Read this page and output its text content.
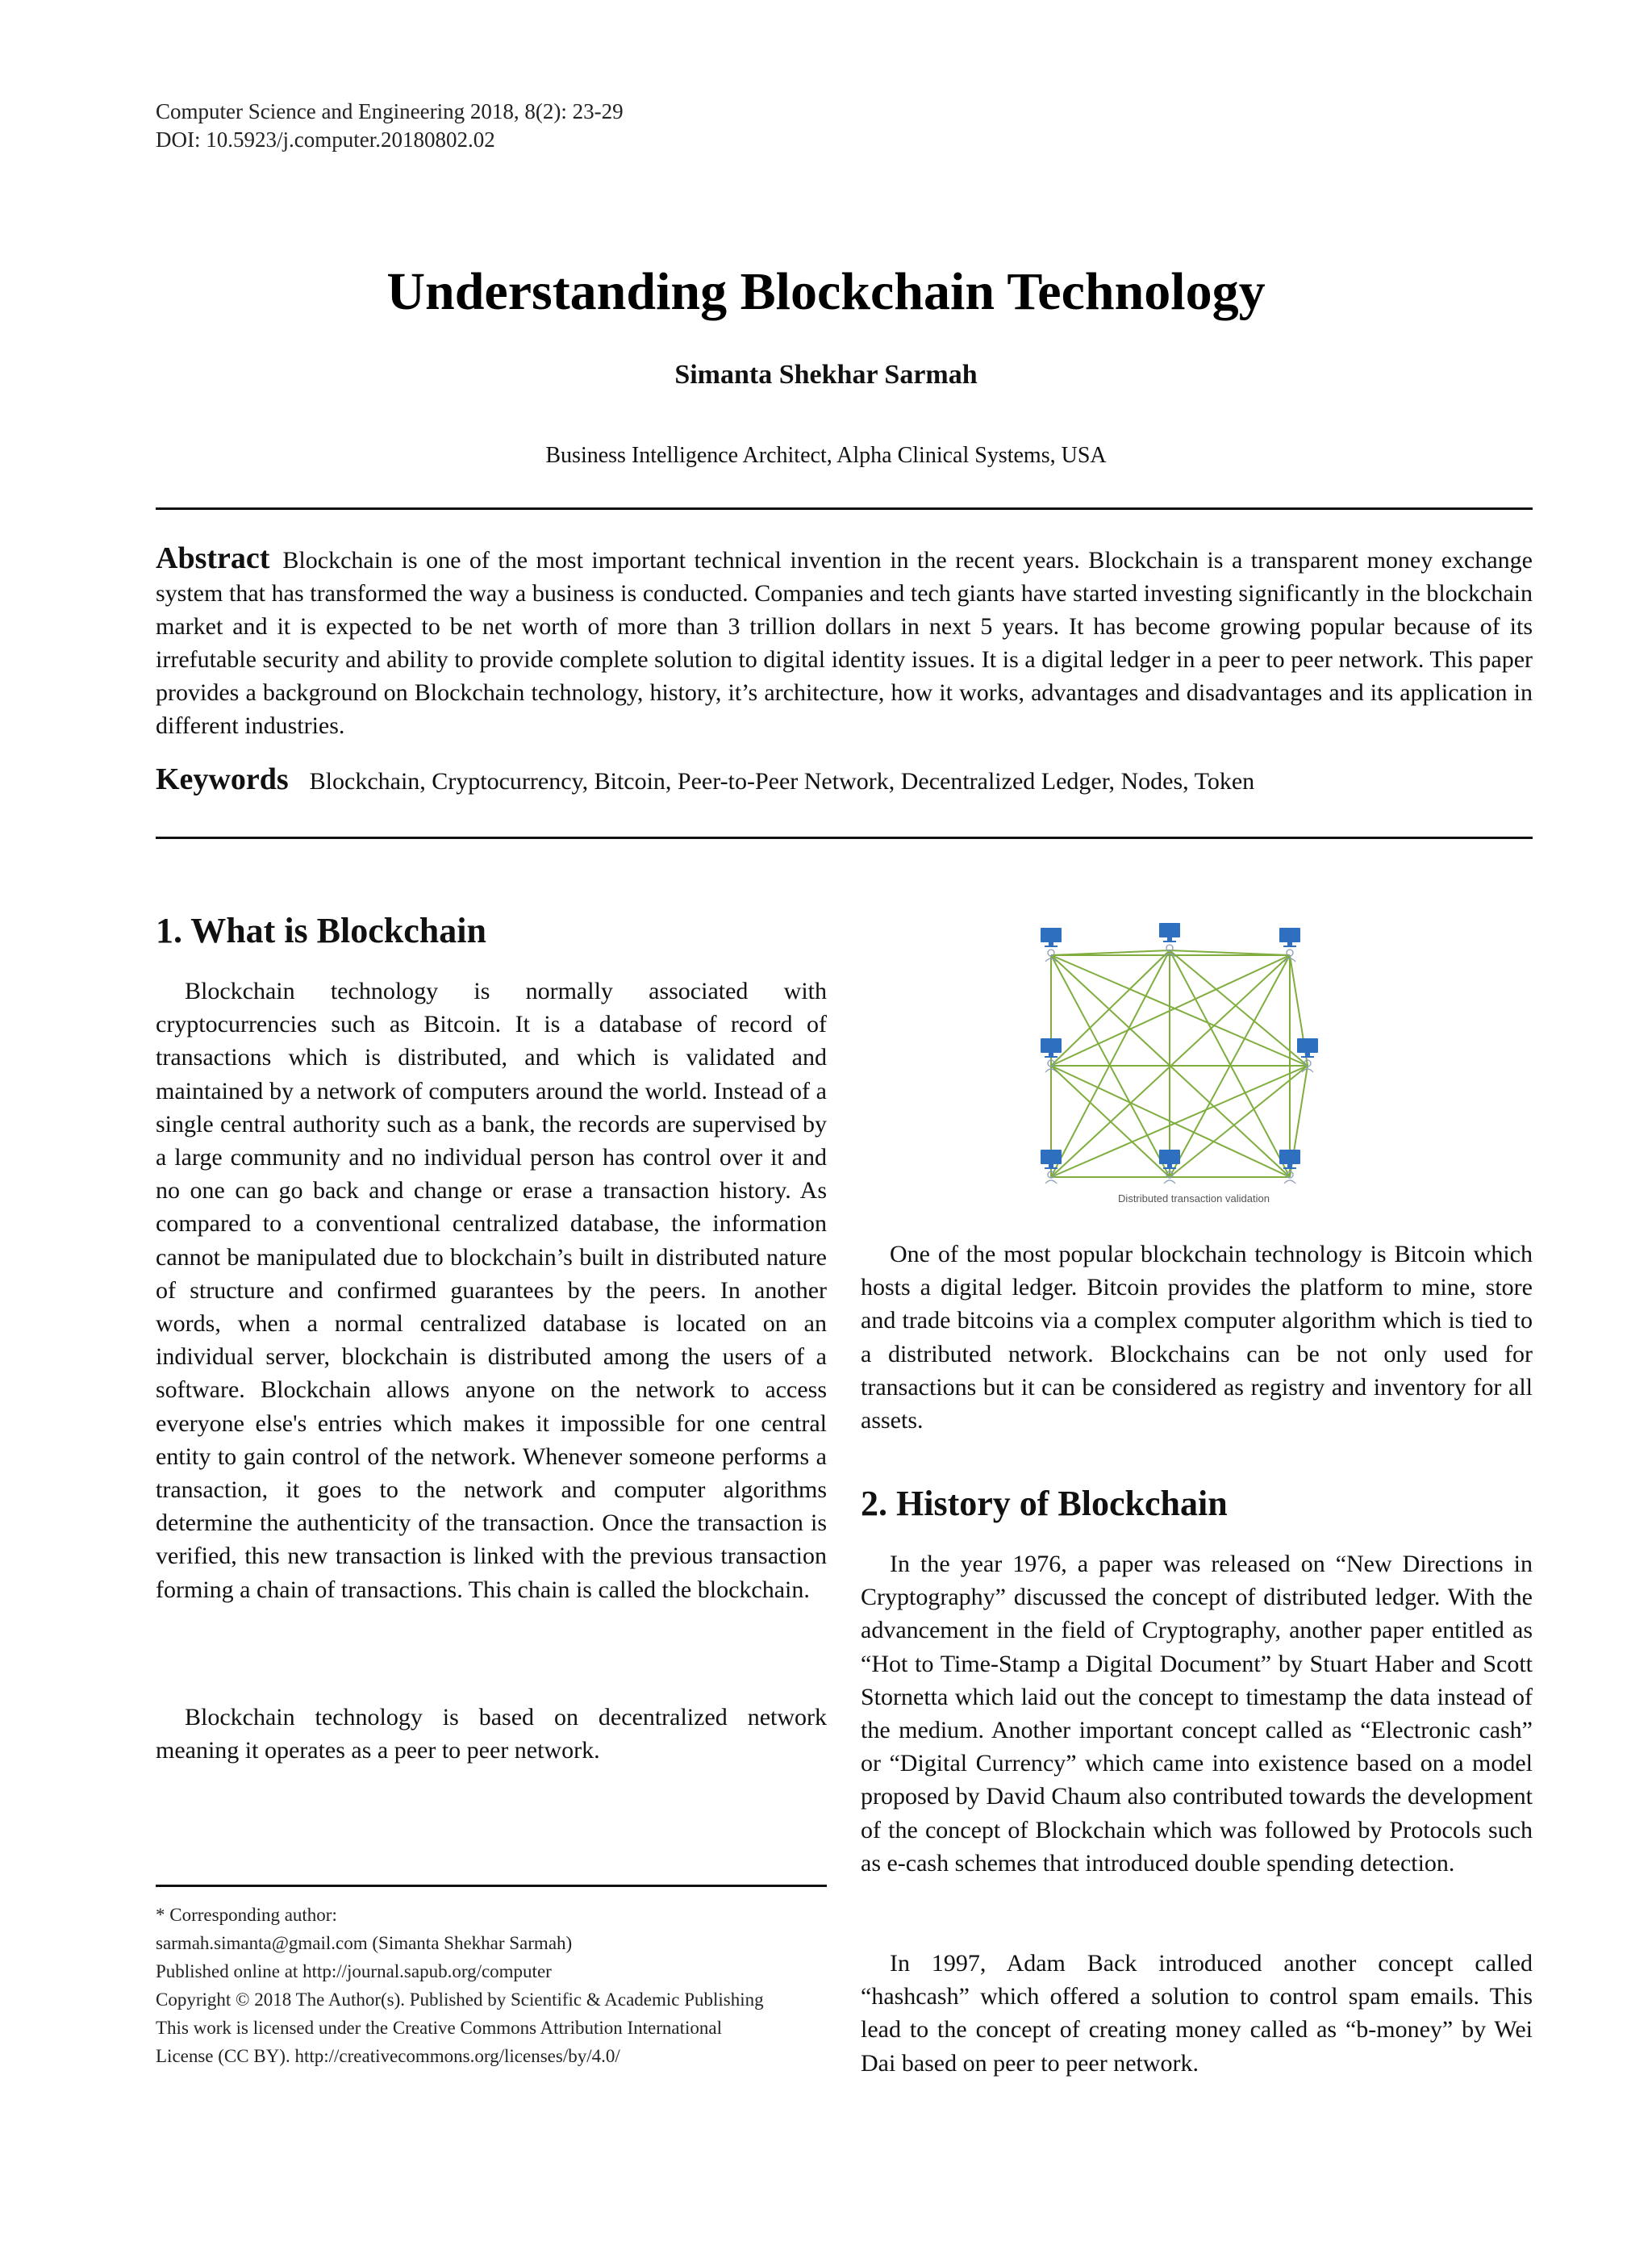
Computer Science and Engineering 2018, 8(2): 23-29
DOI: 10.5923/j.computer.20180802.02
Understanding Blockchain Technology
Simanta Shekhar Sarmah
Business Intelligence Architect, Alpha Clinical Systems, USA

Abstract Blockchain is one of the most important technical invention in the recent years. Blockchain is a transparent money exchange system that has transformed the way a business is conducted. Companies and tech giants have started investing significantly in the blockchain market and it is expected to be net worth of more than 3 trillion dollars in next 5 years. It has become growing popular because of its irrefutable security and ability to provide complete solution to digital identity issues. It is a digital ledger in a peer to peer network. This paper provides a background on Blockchain technology, history, it’s architecture, how it works, advantages and disadvantages and its application in different industries.

Keywords Blockchain, Cryptocurrency, Bitcoin, Peer-to-Peer Network, Decentralized Ledger, Nodes, Token
1. What is Blockchain

Blockchain technology is normally associated with cryptocurrencies such as Bitcoin. It is a database of record of transactions which is distributed, and which is validated and maintained by a network of computers around the world. Instead of a single central authority such as a bank, the records are supervised by a large community and no individual person has control over it and no one can go back and change or erase a transaction history. As compared to a conventional centralized database, the information cannot be manipulated due to blockchain’s built in distributed nature of structure and confirmed guarantees by the peers. In another words, when a normal centralized database is located on an individual server, blockchain is distributed among the users of a software. Blockchain allows anyone on the network to access everyone else's entries which makes it impossible for one central entity to gain control of the network. Whenever someone performs a transaction, it goes to the network and computer algorithms determine the authenticity of the transaction. Once the transaction is verified, this new transaction is linked with the previous transaction forming a chain of transactions. This chain is called the blockchain.

Blockchain technology is based on decentralized network meaning it operates as a peer to peer network.

Distributed transaction validation

One of the most popular blockchain technology is Bitcoin which hosts a digital ledger. Bitcoin provides the platform to mine, store and trade bitcoins via a complex computer algorithm which is tied to a distributed network. Blockchains can be not only used for transactions but it can be considered as registry and inventory for all assets.

2. History of Blockchain

In the year 1976, a paper was released on “New Directions in Cryptography” discussed the concept of distributed ledger. With the advancement in the field of Cryptography, another paper entitled as “Hot to Time-Stamp a Digital Document” by Stuart Haber and Scott Stornetta which laid out the concept to timestamp the data instead of the medium. Another important concept called as “Electronic cash” or “Digital Currency” which came into existence based on a model proposed by David Chaum also contributed towards the development of the concept of Blockchain which was followed by Protocols such as e-cash schemes that introduced double spending detection.

In 1997, Adam Back introduced another concept called “hashcash” which offered a solution to control spam emails. This lead to the concept of creating money called as “b-money” by Wei Dai based on peer to peer network.

* Corresponding author:
sarmah.simanta@gmail.com (Simanta Shekhar Sarmah)
Published online at http://journal.sapub.org/computer
Copyright © 2018 The Author(s). Published by Scientific & Academic Publishing
This work is licensed under the Creative Commons Attribution International
License (CC BY). http://creativecommons.org/licenses/by/4.0/
